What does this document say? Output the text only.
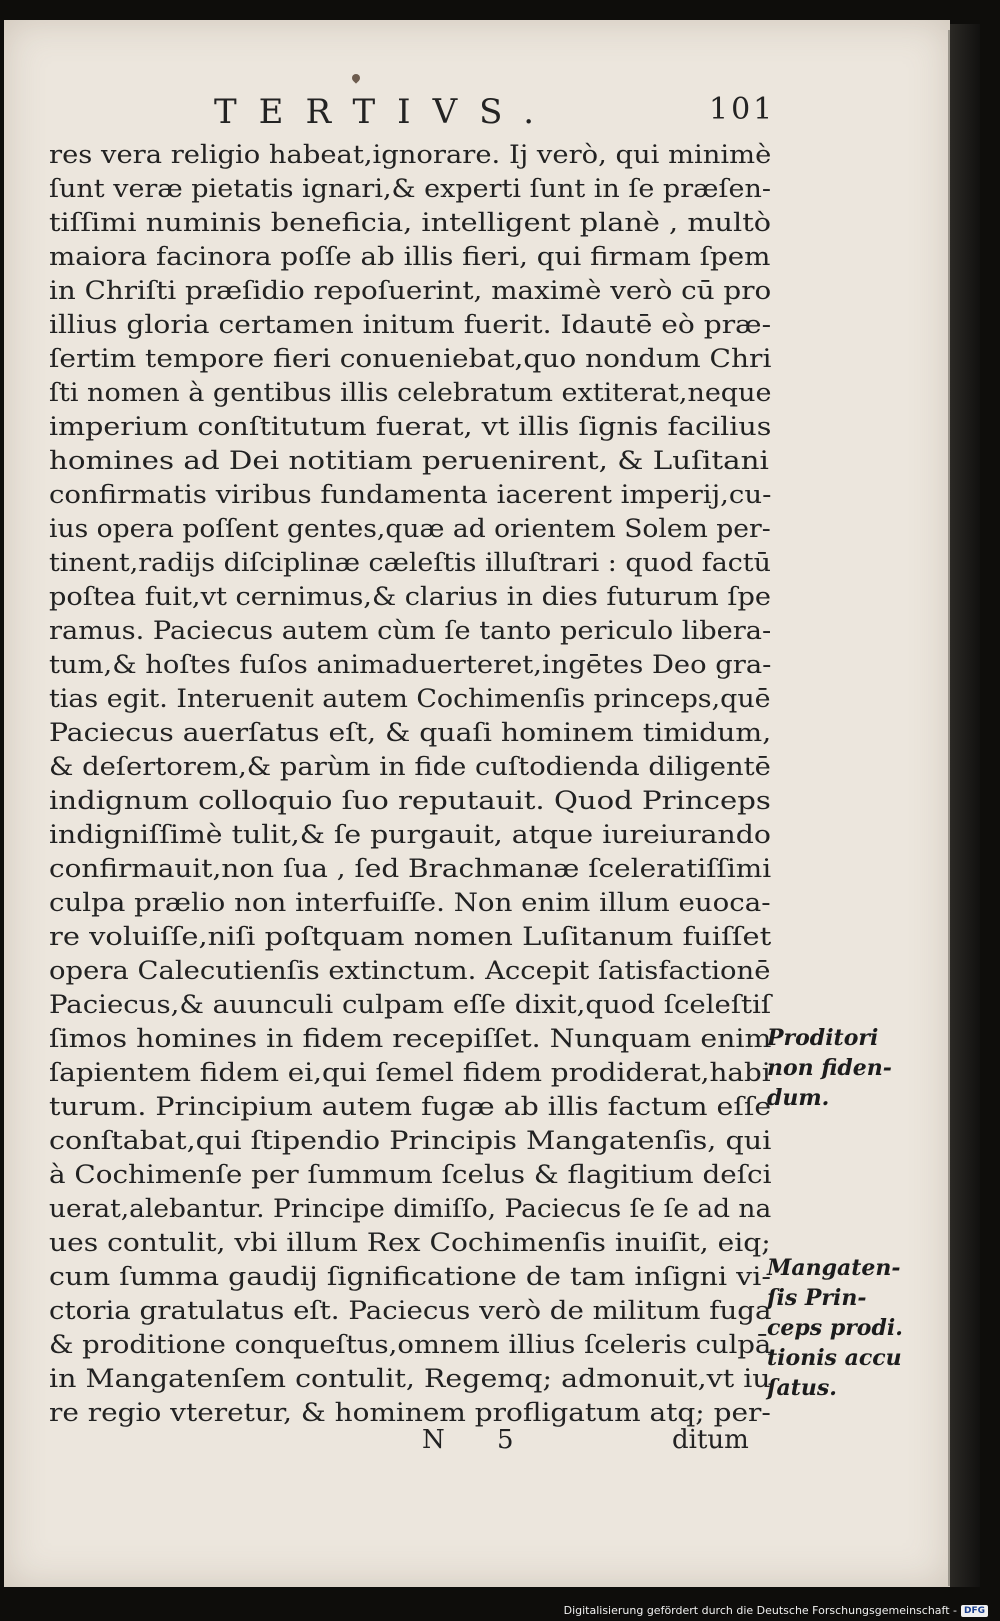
TERTIVS.	101
res vera religio habeat,ignorare. Ij verò, qui minimè
ſunt veræ pietatis ignari,& experti ſunt in ſe præſen-
tiſſimi numinis beneficia, intelligent planè , multò
maiora facinora poſſe ab illis fieri, qui firmam ſpem
in Chriſti præſidio repoſuerint, maximè verò cū pro
illius gloria certamen initum fuerit. Idautē eò præ-
ſertim tempore fieri conueniebat,quo nondum Chri
ſti nomen à gentibus illis celebratum extiterat,neque
imperium conſtitutum fuerat, vt illis ſignis facilius
homines ad Dei notitiam peruenirent, & Luſitani
confirmatis viribus fundamenta iacerent imperij,cu-
ius opera poſſent gentes,quæ ad orientem Solem per-
tinent,radijs diſciplinæ cæleſtis illuſtrari : quod factū
poſtea fuit,vt cernimus,& clarius in dies futurum ſpe
ramus. Paciecus autem cùm ſe tanto periculo libera-
tum,& hoſtes fuſos animaduerteret,ingētes Deo gra-
tias egit. Interuenit autem Cochimenſis princeps,quē
Paciecus auerſatus eſt, & quaſi hominem timidum,
& deſertorem,& parùm in fide cuſtodienda diligentē
indignum colloquio ſuo reputauit. Quod Princeps
indigniſſimè tulit,& ſe purgauit, atque iureiurando
confirmauit,non ſua , ſed Brachmanæ ſceleratiſſimi
culpa prælio non interfuiſſe. Non enim illum euoca-
re voluiſſe,niſi poſtquam nomen Luſitanum fuiſſet
opera Calecutienſis extinctum. Accepit ſatisfactionē
Paciecus,& auunculi culpam eſſe dixit,quod ſceleſtiſ
ſimos homines in fidem recepiſſet. Nunquam enim
ſapientem fidem ei,qui ſemel fidem prodiderat,habi
turum. Principium autem fugæ ab illis factum eſſe
conſtabat,qui ſtipendio Principis Mangatenſis, qui
à Cochimenſe per ſummum ſcelus & flagitium deſci
uerat,alebantur. Principe dimiſſo, Paciecus ſe ſe ad na
ues contulit, vbi illum Rex Cochimenſis inuiſit, eiq;
cum ſumma gaudij ſignificatione de tam inſigni vi-
ctoria gratulatus eſt. Paciecus verò de militum fuga
& proditione conqueſtus,omnem illius ſceleris culpā
in Mangatenſem contulit, Regemq; admonuit,vt iu
re regio vteretur, & hominem profligatum atq; per-
Proditori
non fiden-
dum.
Mangaten-
ſis Prin-
ceps prodi.
tionis accu
ſatus.
N 5	ditum
Digitalisierung gefördert durch die Deutsche Forschungsgemeinschaft - DFG
